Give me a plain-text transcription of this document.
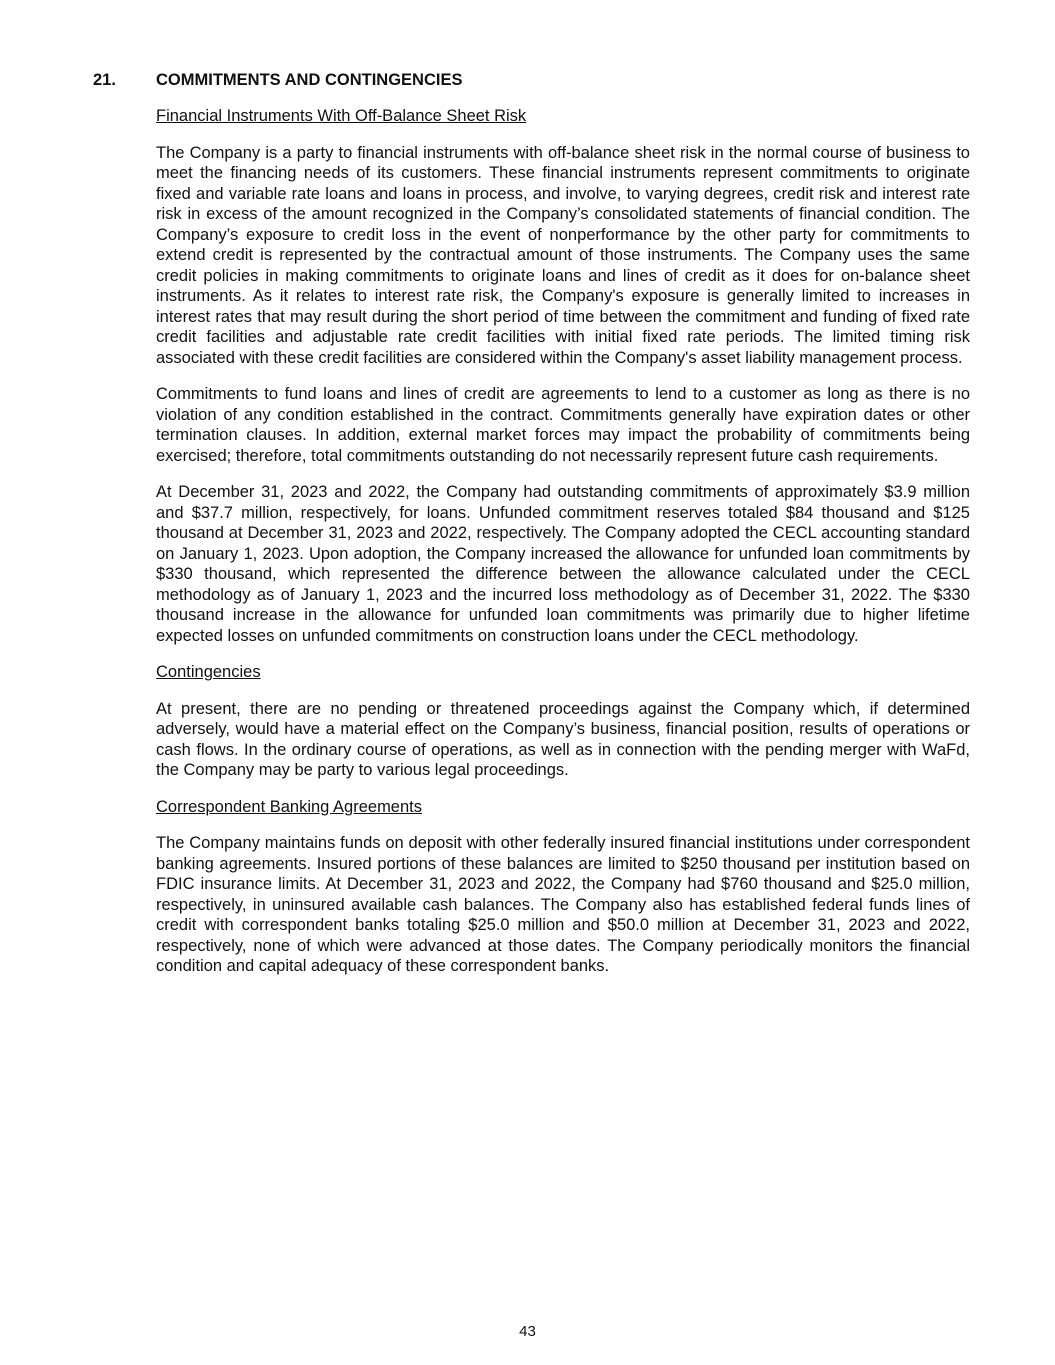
21. COMMITMENTS AND CONTINGENCIES
Financial Instruments With Off-Balance Sheet Risk

The Company is a party to financial instruments with off-balance sheet risk in the normal course of business to meet the financing needs of its customers. These financial instruments represent commitments to originate fixed and variable rate loans and loans in process, and involve, to varying degrees, credit risk and interest rate risk in excess of the amount recognized in the Company’s consolidated statements of financial condition. The Company’s exposure to credit loss in the event of nonperformance by the other party for commitments to extend credit is represented by the contractual amount of those instruments. The Company uses the same credit policies in making commitments to originate loans and lines of credit as it does for on-balance sheet instruments. As it relates to interest rate risk, the Company's exposure is generally limited to increases in interest rates that may result during the short period of time between the commitment and funding of fixed rate credit facilities and adjustable rate credit facilities with initial fixed rate periods. The limited timing risk associated with these credit facilities are considered within the Company's asset liability management process.

Commitments to fund loans and lines of credit are agreements to lend to a customer as long as there is no violation of any condition established in the contract. Commitments generally have expiration dates or other termination clauses. In addition, external market forces may impact the probability of commitments being exercised; therefore, total commitments outstanding do not necessarily represent future cash requirements.

At December 31, 2023 and 2022, the Company had outstanding commitments of approximately $3.9 million and $37.7 million, respectively, for loans. Unfunded commitment reserves totaled $84 thousand and $125 thousand at December 31, 2023 and 2022, respectively. The Company adopted the CECL accounting standard on January 1, 2023. Upon adoption, the Company increased the allowance for unfunded loan commitments by $330 thousand, which represented the difference between the allowance calculated under the CECL methodology as of January 1, 2023 and the incurred loss methodology as of December 31, 2022. The $330 thousand increase in the allowance for unfunded loan commitments was primarily due to higher lifetime expected losses on unfunded commitments on construction loans under the CECL methodology.

Contingencies

At present, there are no pending or threatened proceedings against the Company which, if determined adversely, would have a material effect on the Company’s business, financial position, results of operations or cash flows. In the ordinary course of operations, as well as in connection with the pending merger with WaFd, the Company may be party to various legal proceedings.

Correspondent Banking Agreements

The Company maintains funds on deposit with other federally insured financial institutions under correspondent banking agreements. Insured portions of these balances are limited to $250 thousand per institution based on FDIC insurance limits. At December 31, 2023 and 2022, the Company had $760 thousand and $25.0 million, respectively, in uninsured available cash balances. The Company also has established federal funds lines of credit with correspondent banks totaling $25.0 million and $50.0 million at December 31, 2023 and 2022, respectively, none of which were advanced at those dates. The Company periodically monitors the financial condition and capital adequacy of these correspondent banks.

43
